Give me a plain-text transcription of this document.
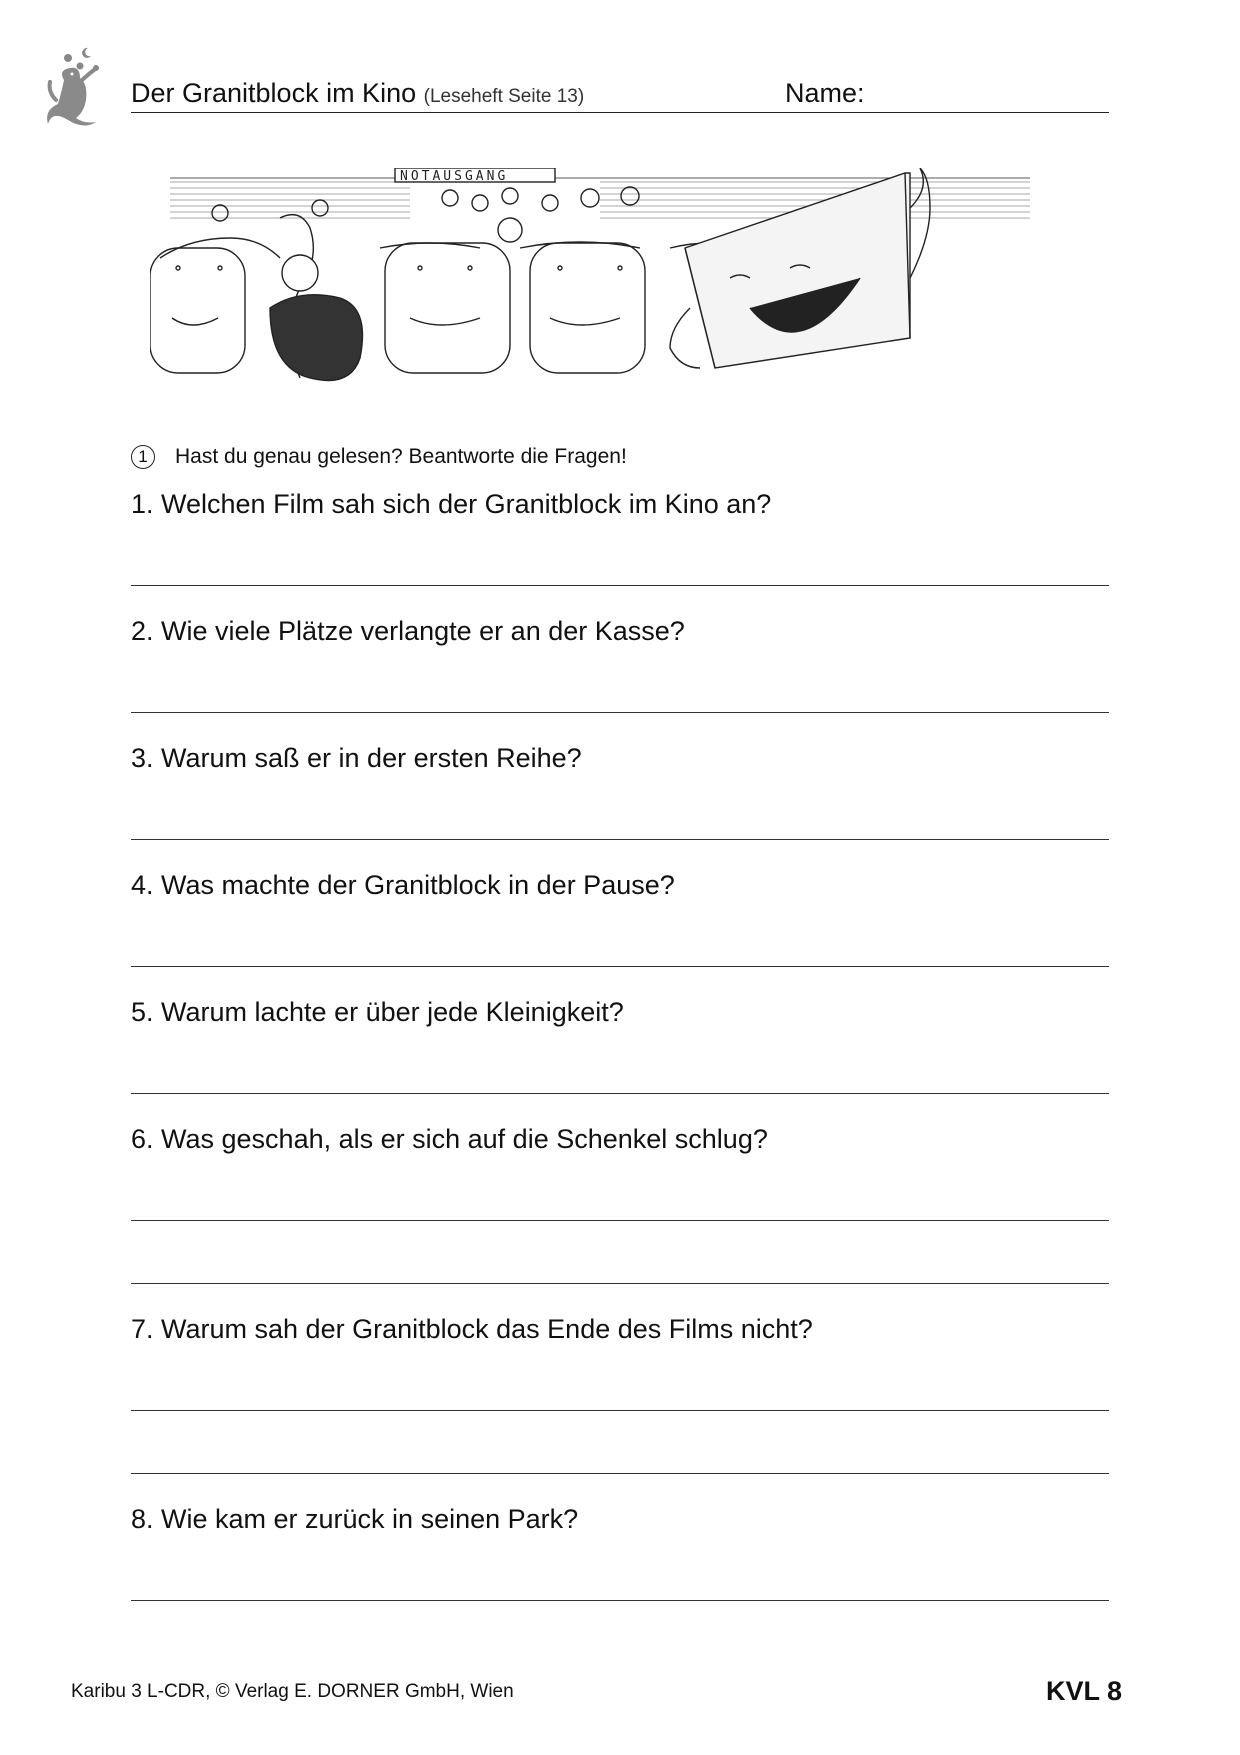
Der Granitblock im Kino (Leseheft Seite 13)	Name:
NOTAUSGANG
1	Hast du genau gelesen? Beantworte die Fragen!
1. Welchen Film sah sich der Granitblock im Kino an?
2. Wie viele Plätze verlangte er an der Kasse?
3. Warum saß er in der ersten Reihe?
4. Was machte der Granitblock in der Pause?
5. Warum lachte er über jede Kleinigkeit?
6. Was geschah, als er sich auf die Schenkel schlug?
7. Warum sah der Granitblock das Ende des Films nicht?
8. Wie kam er zurück in seinen Park?
Karibu 3 L-CDR, © Verlag E. DORNER GmbH, Wien	KVL 8
